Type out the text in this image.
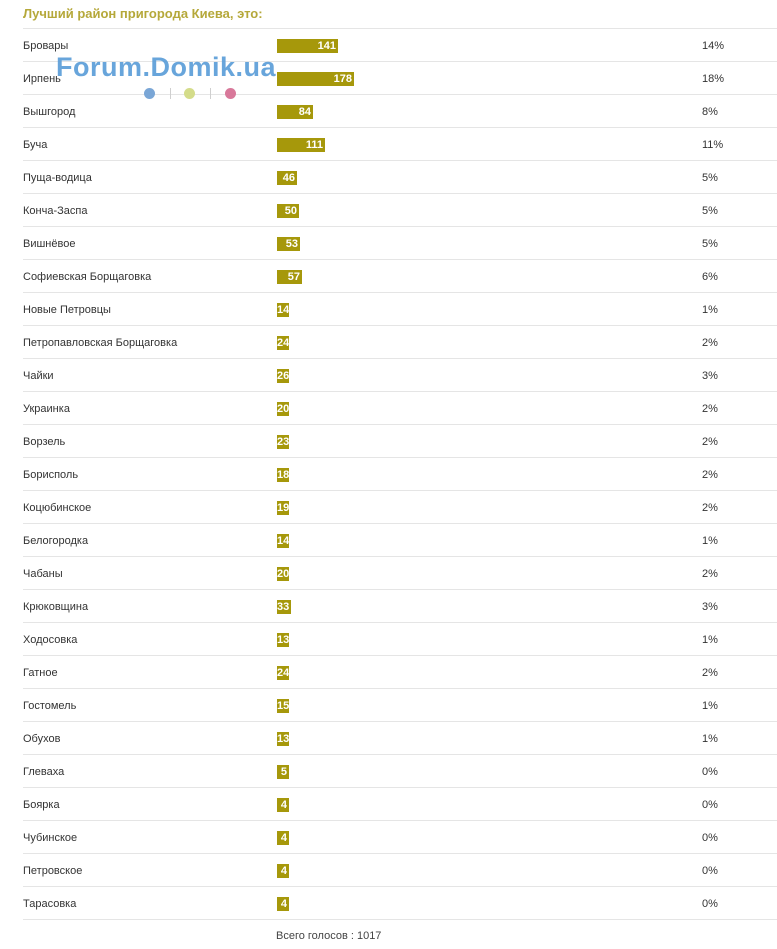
Лучший район пригорода Киева, это:
Бровары	141	14%
Ирпень	178	18%
Вышгород	84	8%
Буча	111	11%
Пуща-водица	46	5%
Конча-Заспа	50	5%
Вишнёвое	53	5%
Софиевская Борщаговка	57	6%
Новые Петровцы	14	1%
Петропавловская Борщаговка	24	2%
Чайки	26	3%
Украинка	20	2%
Ворзель	23	2%
Борисполь	18	2%
Коцюбинское	19	2%
Белогородка	14	1%
Чабаны	20	2%
Крюковщина	33	3%
Ходосовка	13	1%
Гатное	24	2%
Гостомель	15	1%
Обухов	13	1%
Глеваха	5	0%
Боярка	4	0%
Чубинское	4	0%
Петровское	4	0%
Тарасовка	4	0%
Всего голосов : 1017
Forum.Domik.ua
